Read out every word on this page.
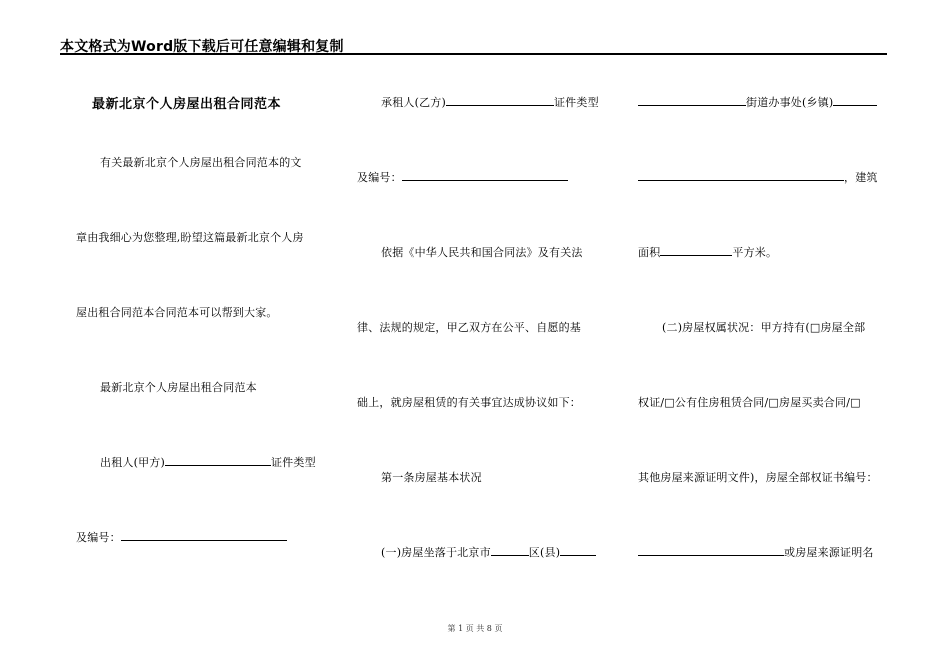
本文格式为Word版下载后可任意编辑和复制
最新北京个人房屋出租合同范本
有关最新北京个人房屋出租合同范本的文
章由我细心为您整理,盼望这篇最新北京个人房
屋出租合同范本合同范本可以帮到大家。
最新北京个人房屋出租合同范本
出租人(甲方)	证件类型
及编号：
承租人(乙方)	证件类型
及编号：
依据《中华人民共和国合同法》及有关法
律、法规的规定，甲乙双方在公平、自愿的基
础上，就房屋租赁的有关事宜达成协议如下：
第一条房屋基本状况
(一)房屋坐落于北京市	区(县)
街道办事处(乡镇)
，建筑
面积	平方米。
(二)房屋权属状况：甲方持有(□房屋全部
权证/□公有住房租赁合同/□房屋买卖合同/□
其他房屋来源证明文件)，房屋全部权证书编号：
或房屋来源证明名
第 1 页 共 8 页
